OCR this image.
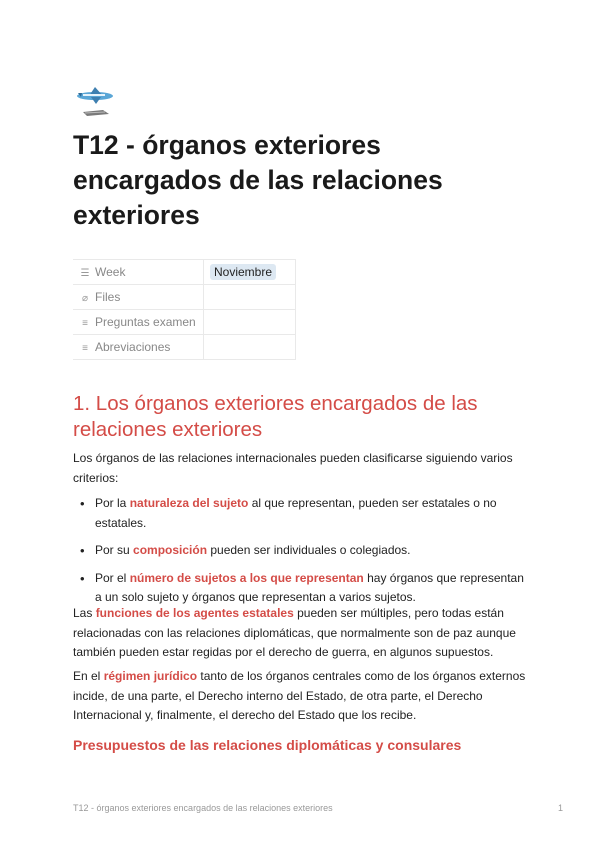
T12 - órganos exteriores encargados de las relaciones exteriores
☰ Week	Noviembre
⌀ Files	
≡ Preguntas examen	
≡ Abreviaciones	
1. Los órganos exteriores encargados de las relaciones exteriores

Los órganos de las relaciones internacionales pueden clasificarse siguiendo varios criterios:

• Por la naturaleza del sujeto al que representan, pueden ser estatales o no estatales.
• Por su composición pueden ser individuales o colegiados.
• Por el número de sujetos a los que representan hay órganos que representan a un solo sujeto y órganos que representan a varios sujetos.

Las funciones de los agentes estatales pueden ser múltiples, pero todas están relacionadas con las relaciones diplomáticas, que normalmente son de paz aunque también pueden estar regidas por el derecho de guerra, en algunos supuestos.

En el régimen jurídico tanto de los órganos centrales como de los órganos externos incide, de una parte, el Derecho interno del Estado, de otra parte, el Derecho Internacional y, finalmente, el derecho del Estado que los recibe.

Presupuestos de las relaciones diplomáticas y consulares
T12 - órganos exteriores encargados de las relaciones exteriores	1
